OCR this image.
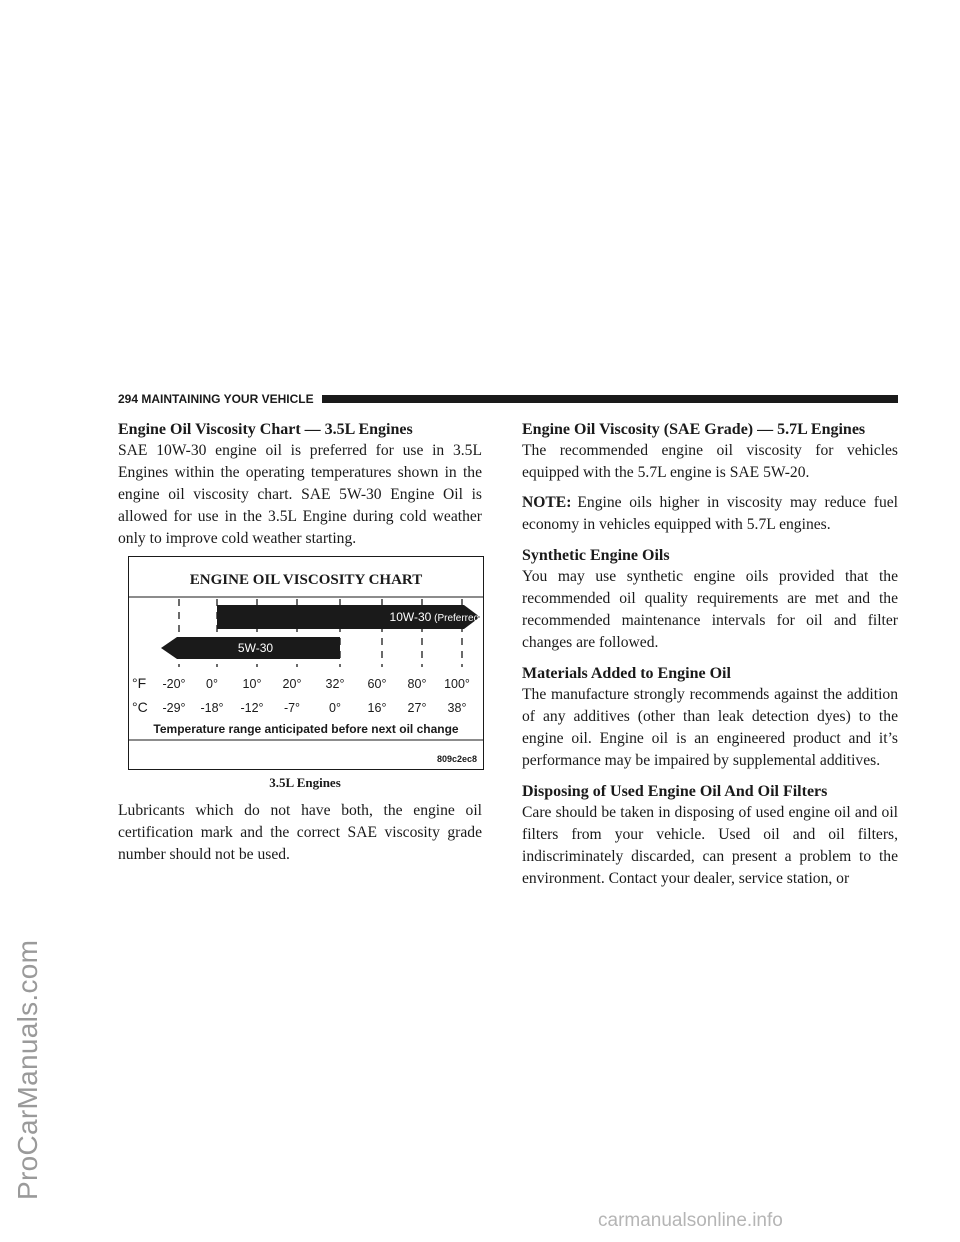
ProCarManuals.com
294 MAINTAINING YOUR VEHICLE
Engine Oil Viscosity Chart — 3.5L Engines

SAE 10W-30 engine oil is preferred for use in 3.5L Engines within the operating temperatures shown in the engine oil viscosity chart. SAE 5W-30 Engine Oil is allowed for use in the 3.5L Engine during cold weather only to improve cold weather starting.

ENGINE OIL VISCOSITY CHART
10W-30 (Preferred)
5W-30
°F
°C
-20° 0° 10° 20° 32° 60° 80° 100°
-29° -18° -12° -7° 0° 16° 27° 38°
Temperature range anticipated before next oil change
809c2ec8
3.5L Engines

Lubricants which do not have both, the engine oil certification mark and the correct SAE viscosity grade number should not be used.

Engine Oil Viscosity (SAE Grade) — 5.7L Engines

The recommended engine oil viscosity for vehicles equipped with the 5.7L engine is SAE 5W-20.

NOTE: Engine oils higher in viscosity may reduce fuel economy in vehicles equipped with 5.7L engines.

Synthetic Engine Oils

You may use synthetic engine oils provided that the recommended oil quality requirements are met and the recommended maintenance intervals for oil and filter changes are followed.

Materials Added to Engine Oil

The manufacture strongly recommends against the addition of any additives (other than leak detection dyes) to the engine oil. Engine oil is an engineered product and it’s performance may be impaired by supplemental additives.

Disposing of Used Engine Oil And Oil Filters

Care should be taken in disposing of used engine oil and oil filters from your vehicle. Used oil and oil filters, indiscriminately discarded, can present a problem to the environment. Contact your dealer, service station, or

carmanualsonline.info
